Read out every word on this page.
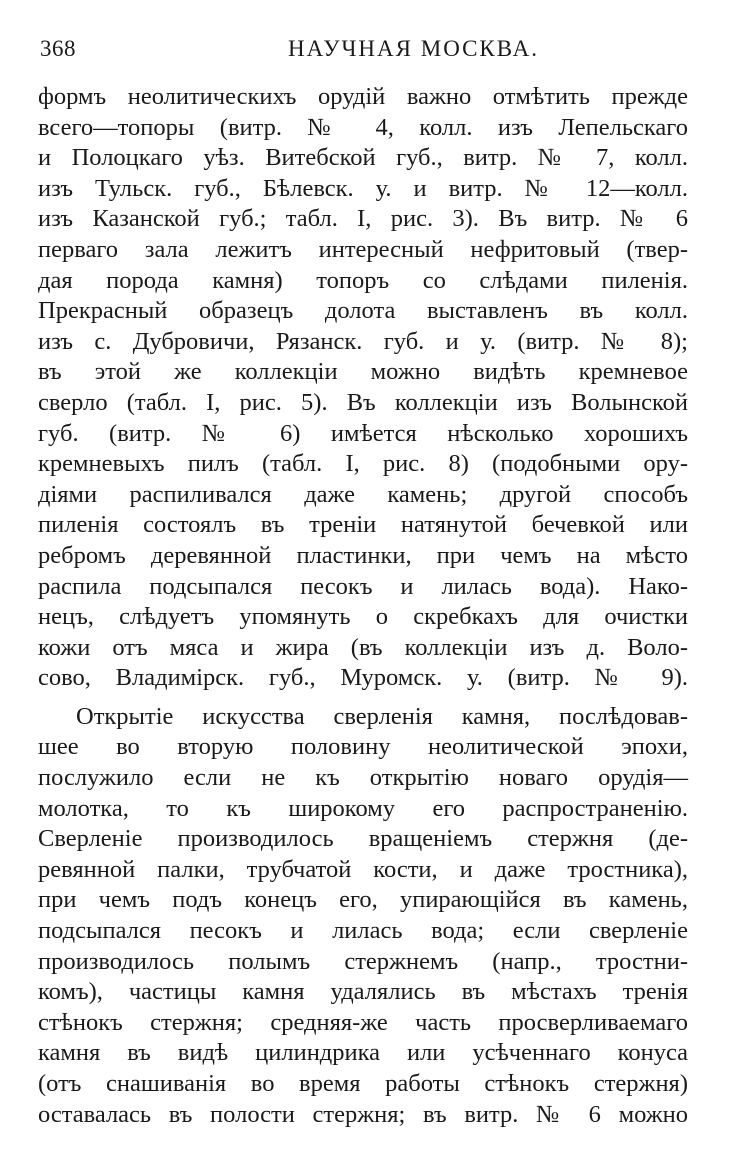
368	НАУЧНАЯ МОСКВА.
формъ неолитическихъ орудій важно отмѣтить прежде
всего—топоры (витр. № 4, колл. изъ Лепельскаго
и Полоцкаго уѣз. Витебской губ., витр. № 7, колл.
изъ Тульск. губ., Бѣлевск. у. и витр. № 12—колл.
изъ Казанской губ.; табл. I, рис. 3). Въ витр. № 6
перваго зала лежитъ интересный нефритовый (твер-
дая порода камня) топоръ со слѣдами пиленія.
Прекрасный образецъ долота выставленъ въ колл.
изъ с. Дубровичи, Рязанск. губ. и у. (витр. № 8);
въ этой же коллекціи можно видѣть кремневое
сверло (табл. I, рис. 5). Въ коллекціи изъ Волынской
губ. (витр. № 6) имѣется нѣсколько хорошихъ
кремневыхъ пилъ (табл. I, рис. 8) (подобными ору-
діями распиливался даже камень; другой способъ
пиленія состоялъ въ треніи натянутой бечевкой или
ребромъ деревянной пластинки, при чемъ на мѣсто
распила подсыпался песокъ и лилась вода). Нако-
нецъ, слѣдуетъ упомянуть о скребкахъ для очистки
кожи отъ мяса и жира (въ коллекціи изъ д. Воло-
сово, Владимірск. губ., Муромск. у. (витр. № 9).
Открытіе искусства сверленія камня, послѣдовав-
шее во вторую половину неолитической эпохи,
послужило если не къ открытію новаго орудія—
молотка, то къ широкому его распространенію.
Сверленіе производилось вращеніемъ стержня (де-
ревянной палки, трубчатой кости, и даже тростника),
при чемъ подъ конецъ его, упирающійся въ камень,
подсыпался песокъ и лилась вода; если сверленіе
производилось полымъ стержнемъ (напр., тростни-
комъ), частицы камня удалялись въ мѣстахъ тренія
стѣнокъ стержня; средняя-же часть просверливаемаго
камня въ видѣ цилиндрика или усѣченнаго конуса
(отъ снашиванія во время работы стѣнокъ стержня)
оставалась въ полости стержня; въ витр. № 6 можно
